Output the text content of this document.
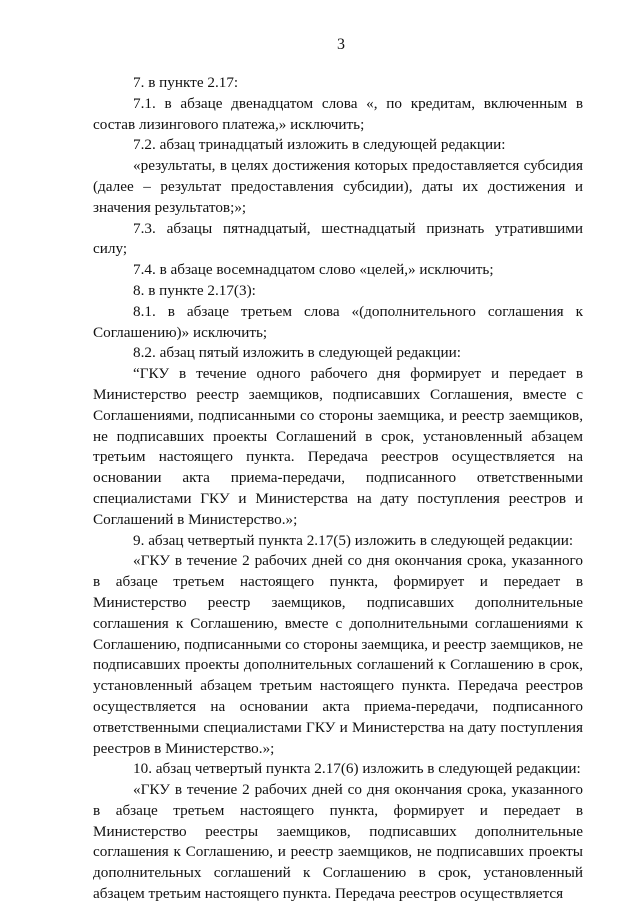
3

7. в пункте 2.17:

7.1. в абзаце двенадцатом слова «, по кредитам, включенным в состав лизингового платежа,» исключить;

7.2. абзац тринадцатый изложить в следующей редакции:

«результаты, в целях достижения которых предоставляется субсидия (далее – результат предоставления субсидии), даты их достижения и значения результатов;»;

7.3. абзацы пятнадцатый, шестнадцатый признать утратившими силу;

7.4. в абзаце восемнадцатом слово «целей,» исключить;

8. в пункте 2.17(3):

8.1. в абзаце третьем слова «(дополнительного соглашения к Соглашению)» исключить;

8.2. абзац пятый изложить в следующей редакции:

“ГКУ в течение одного рабочего дня формирует и передает в Министерство реестр заемщиков, подписавших Соглашения, вместе с Соглашениями, подписанными со стороны заемщика, и реестр заемщиков, не подписавших проекты Соглашений в срок, установленный абзацем третьим настоящего пункта. Передача реестров осуществляется на основании акта приема-передачи, подписанного ответственными специалистами ГКУ и Министерства на дату поступления реестров и Соглашений в Министерство.»;

9. абзац четвертый пункта 2.17(5) изложить в следующей редакции:

«ГКУ в течение 2 рабочих дней со дня окончания срока, указанного в абзаце третьем настоящего пункта, формирует и передает в Министерство реестр заемщиков, подписавших дополнительные соглашения к Соглашению, вместе с дополнительными соглашениями к Соглашению, подписанными со стороны заемщика, и реестр заемщиков, не подписавших проекты дополнительных соглашений к Соглашению в срок, установленный абзацем третьим настоящего пункта. Передача реестров осуществляется на основании акта приема-передачи, подписанного ответственными специалистами ГКУ и Министерства на дату поступления реестров в Министерство.»;

10. абзац четвертый пункта 2.17(6) изложить в следующей редакции:

«ГКУ в течение 2 рабочих дней со дня окончания срока, указанного в абзаце третьем настоящего пункта, формирует и передает в Министерство реестры заемщиков, подписавших дополнительные соглашения к Соглашению, и реестр заемщиков, не подписавших проекты дополнительных соглашений к Соглашению в срок, установленный абзацем третьим настоящего пункта. Передача реестров осуществляется
